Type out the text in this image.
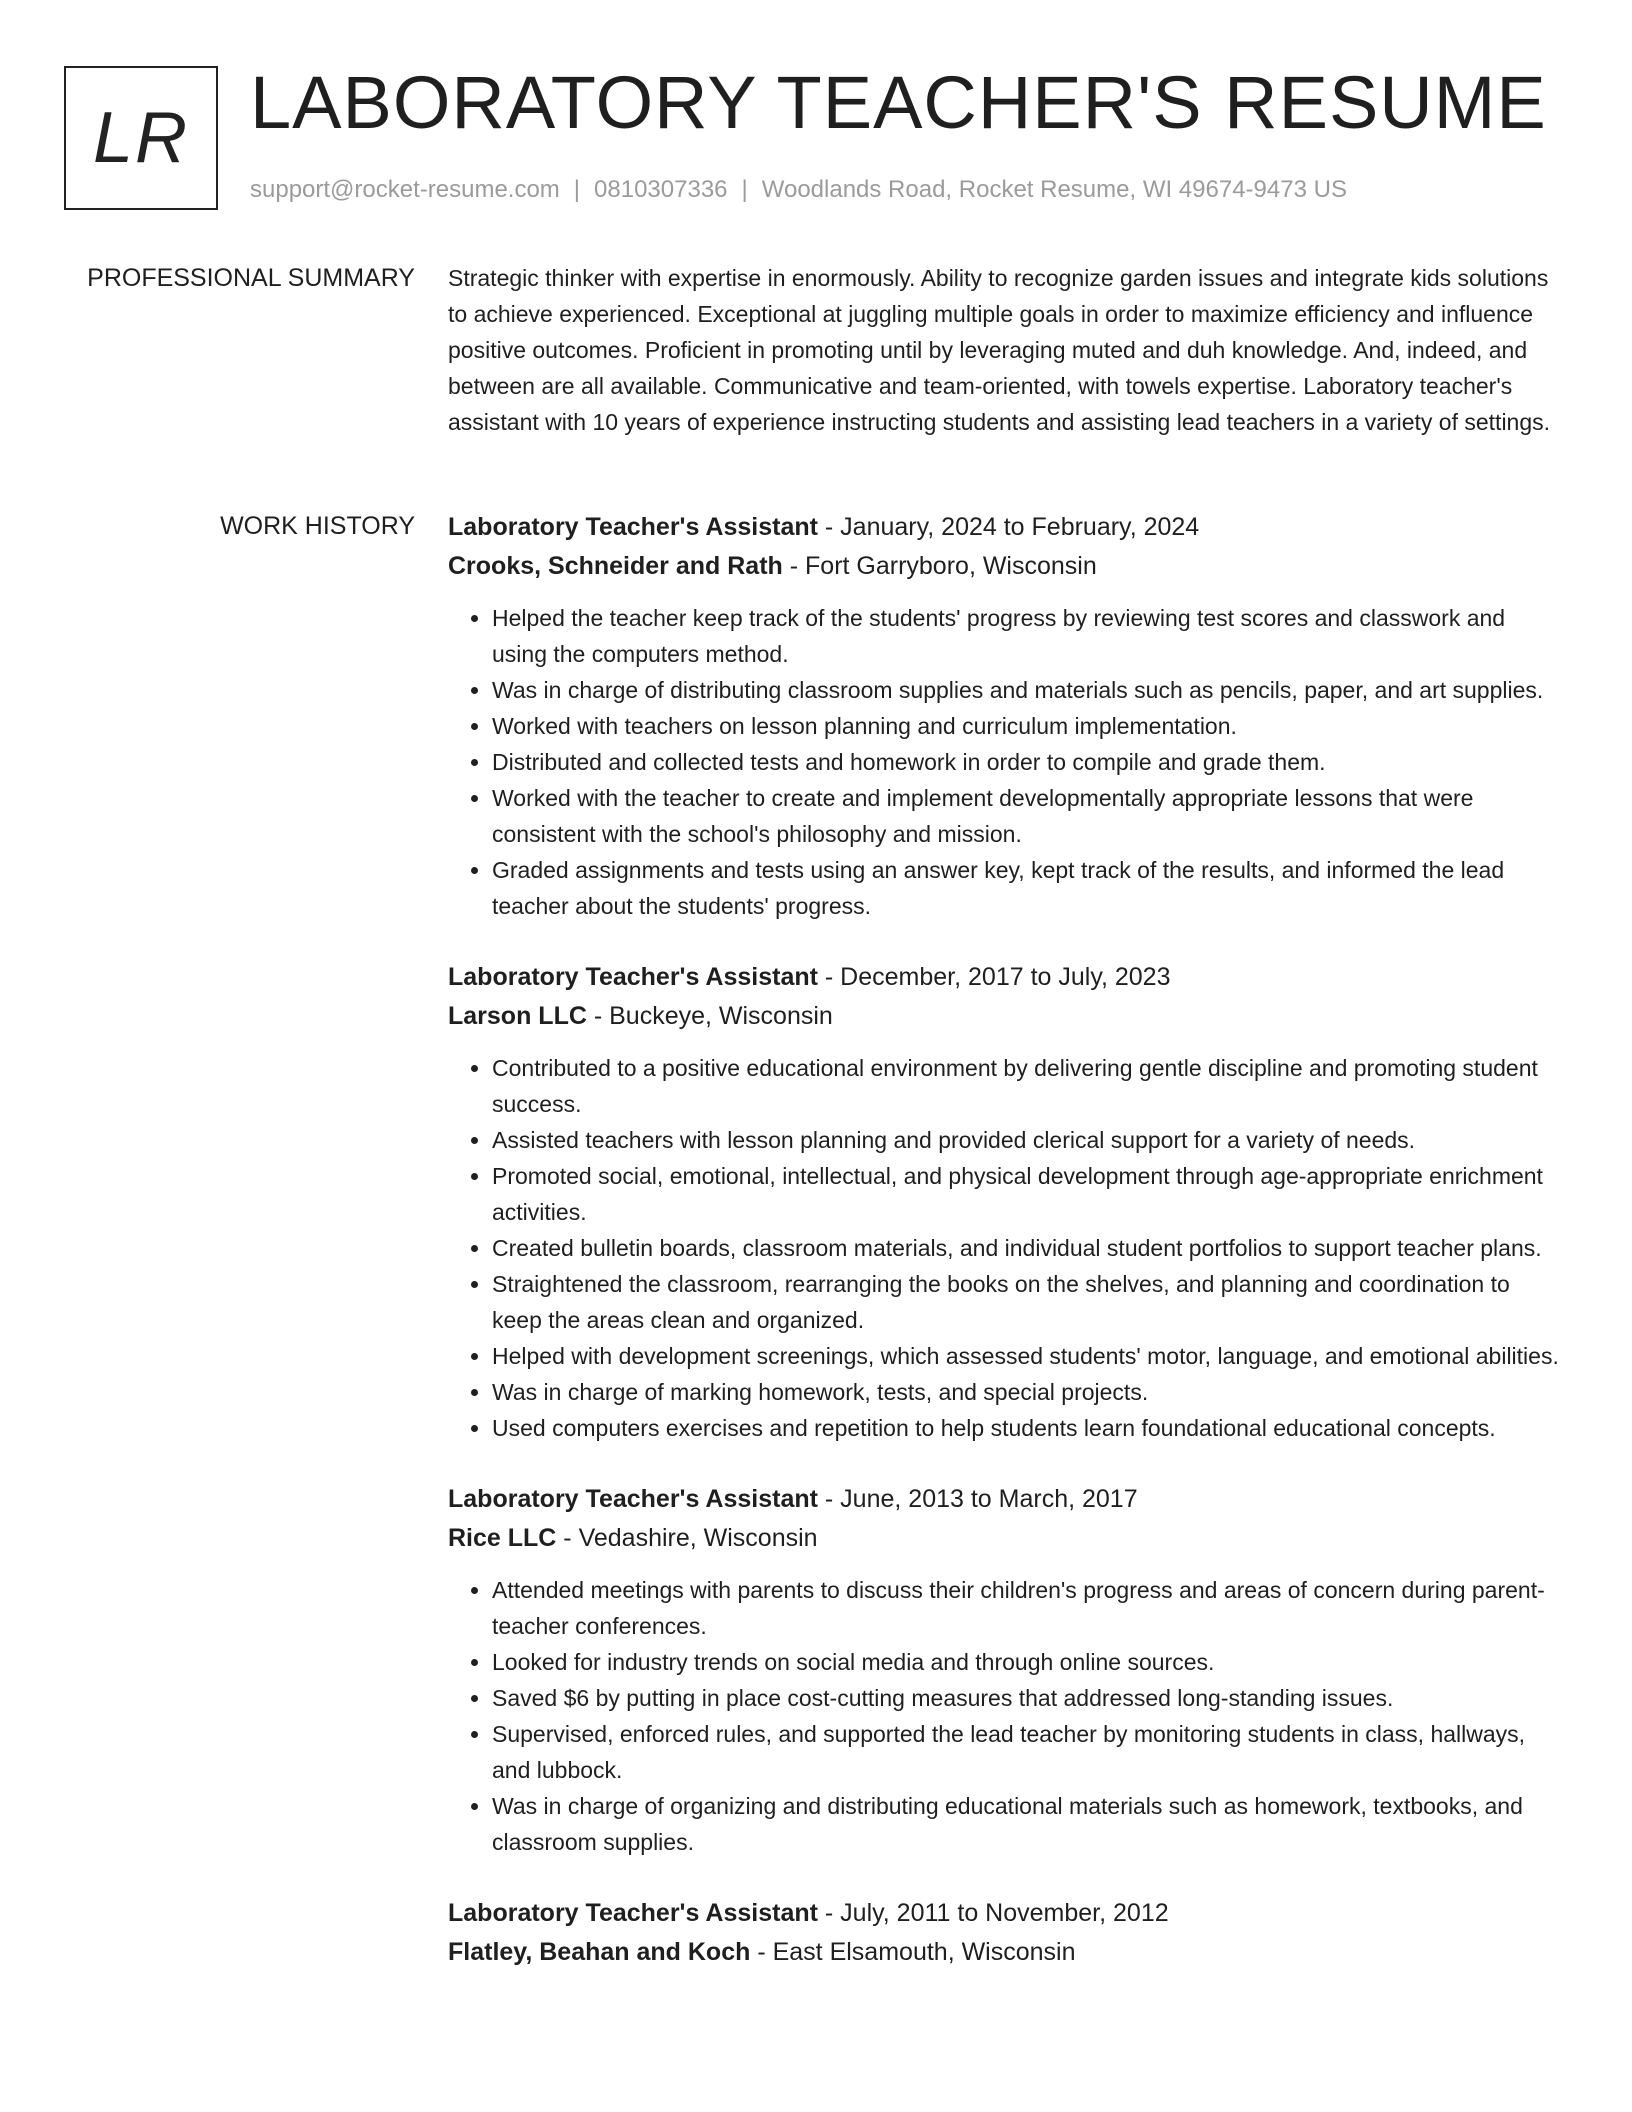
LR LABORATORY TEACHER'S RESUME
support@rocket-resume.com | 0810307336 | Woodlands Road, Rocket Resume, WI 49674-9473 US
PROFESSIONAL SUMMARY Strategic thinker with expertise in enormously. Ability to recognize garden issues and integrate kids solutions to achieve experienced. Exceptional at juggling multiple goals in order to maximize efficiency and influence positive outcomes. Proficient in promoting until by leveraging muted and duh knowledge. And, indeed, and between are all available. Communicative and team-oriented, with towels expertise. Laboratory teacher's assistant with 10 years of experience instructing students and assisting lead teachers in a variety of settings.

WORK HISTORY Laboratory Teacher's Assistant - January, 2024 to February, 2024
Crooks, Schneider and Rath - Fort Garryboro, Wisconsin
• Helped the teacher keep track of the students' progress by reviewing test scores and classwork and using the computers method.
• Was in charge of distributing classroom supplies and materials such as pencils, paper, and art supplies.
• Worked with teachers on lesson planning and curriculum implementation.
• Distributed and collected tests and homework in order to compile and grade them.
• Worked with the teacher to create and implement developmentally appropriate lessons that were consistent with the school's philosophy and mission.
• Graded assignments and tests using an answer key, kept track of the results, and informed the lead teacher about the students' progress.
Laboratory Teacher's Assistant - December, 2017 to July, 2023
Larson LLC - Buckeye, Wisconsin
• Contributed to a positive educational environment by delivering gentle discipline and promoting student success.
• Assisted teachers with lesson planning and provided clerical support for a variety of needs.
• Promoted social, emotional, intellectual, and physical development through age-appropriate enrichment activities.
• Created bulletin boards, classroom materials, and individual student portfolios to support teacher plans.
• Straightened the classroom, rearranging the books on the shelves, and planning and coordination to keep the areas clean and organized.
• Helped with development screenings, which assessed students' motor, language, and emotional abilities.
• Was in charge of marking homework, tests, and special projects.
• Used computers exercises and repetition to help students learn foundational educational concepts.
Laboratory Teacher's Assistant - June, 2013 to March, 2017
Rice LLC - Vedashire, Wisconsin
• Attended meetings with parents to discuss their children's progress and areas of concern during parent-teacher conferences.
• Looked for industry trends on social media and through online sources.
• Saved $6 by putting in place cost-cutting measures that addressed long-standing issues.
• Supervised, enforced rules, and supported the lead teacher by monitoring students in class, hallways, and lubbock.
• Was in charge of organizing and distributing educational materials such as homework, textbooks, and classroom supplies.
Laboratory Teacher's Assistant - July, 2011 to November, 2012
Flatley, Beahan and Koch - East Elsamouth, Wisconsin
